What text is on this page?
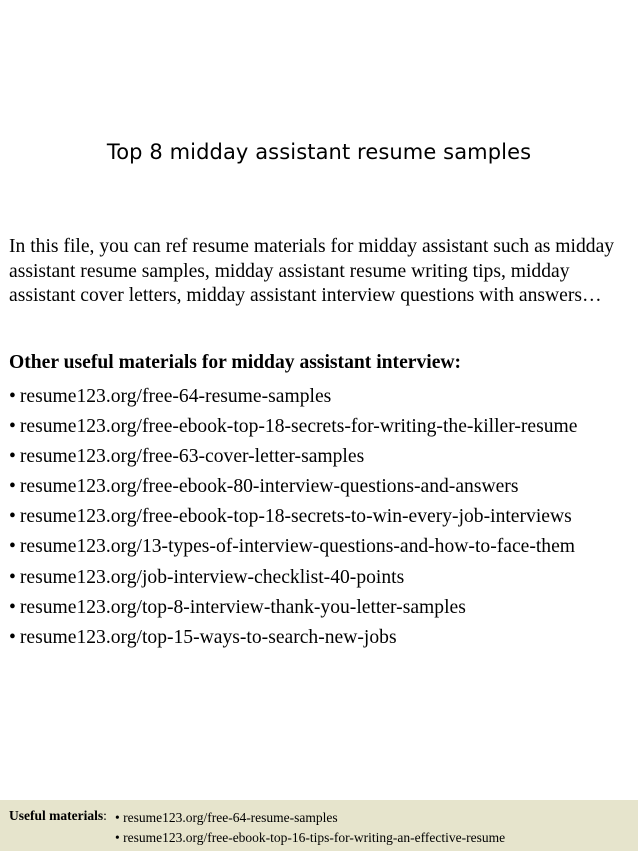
Top 8 midday assistant resume samples

In this file, you can ref resume materials for midday assistant such as midday assistant resume samples, midday assistant resume writing tips, midday assistant cover letters, midday assistant interview questions with answers…

Other useful materials for midday assistant interview:

• resume123.org/free-64-resume-samples
• resume123.org/free-ebook-top-18-secrets-for-writing-the-killer-resume
• resume123.org/free-63-cover-letter-samples
• resume123.org/free-ebook-80-interview-questions-and-answers
• resume123.org/free-ebook-top-18-secrets-to-win-every-job-interviews
• resume123.org/13-types-of-interview-questions-and-how-to-face-them
• resume123.org/job-interview-checklist-40-points
• resume123.org/top-8-interview-thank-you-letter-samples
• resume123.org/top-15-ways-to-search-new-jobs
Useful materials: • resume123.org/free-64-resume-samples
• resume123.org/free-ebook-top-16-tips-for-writing-an-effective-resume
